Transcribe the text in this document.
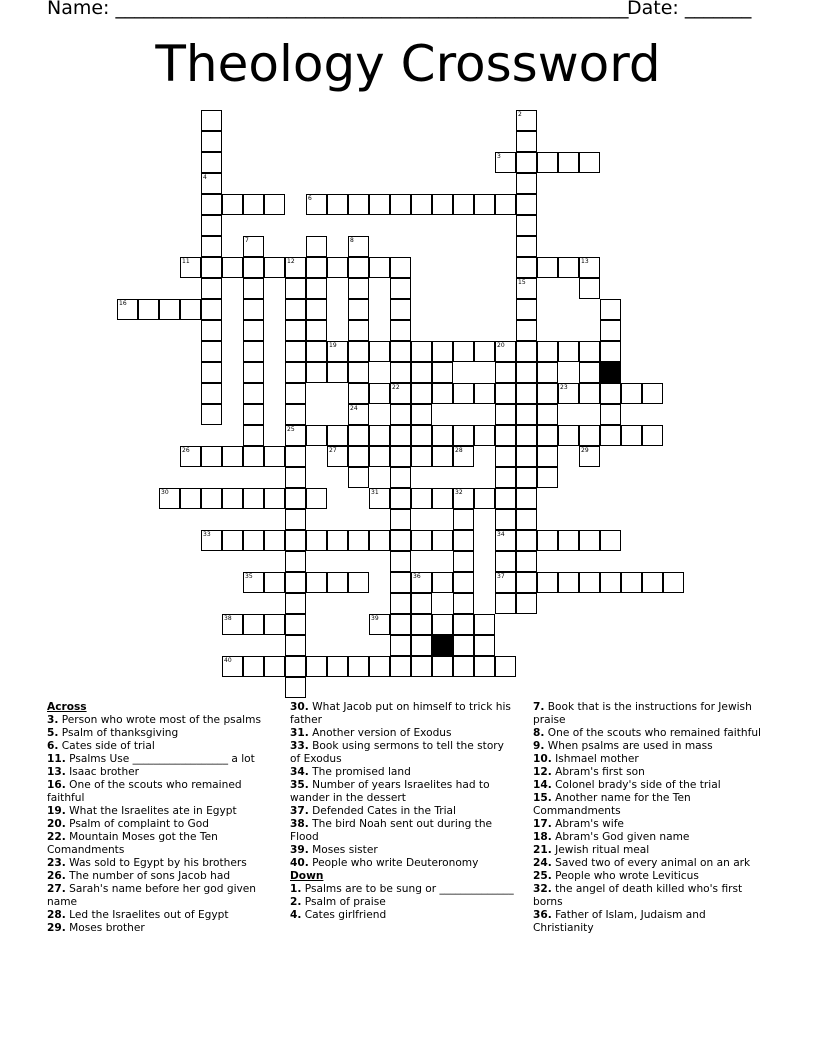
Name: ______________________________________________________
Date: _______
Theology Crossword
4
2
15
3
6
7	8
24
11	12
25
16
22
13
20
34
37
19
23
26	27	28	29
30	31	32
33
35	36
38	39
40
Across
3. Person who wrote most of the psalms
5. Psalm of thanksgiving
6. Cates side of trial
11. Psalms Use __________________ a lot
13. Isaac brother
16. One of the scouts who remained faithful
19. What the Israelites ate in Egypt
20. Psalm of complaint to God
22. Mountain Moses got the Ten Comandments
23. Was sold to Egypt by his brothers
26. The number of sons Jacob had
27. Sarah's name before her god given name
28. Led the Israelites out of Egypt
29. Moses brother
30. What Jacob put on himself to trick his father
31. Another version of Exodus
33. Book using sermons to tell the story of Exodus
34. The promised land
35. Number of years Israelites had to wander in the dessert
37. Defended Cates in the Trial
38. The bird Noah sent out during the Flood
39. Moses sister
40. People who write Deuteronomy
Down
1. Psalms are to be sung or ______________
2. Psalm of praise
4. Cates girlfriend
7. Book that is the instructions for Jewish praise
8. One of the scouts who remained faithful
9. When psalms are used in mass
10. Ishmael mother
12. Abram's first son
14. Colonel brady's side of the trial
15. Another name for the Ten Commandments
17. Abram's wife
18. Abram's God given name
21. Jewish ritual meal
24. Saved two of every animal on an ark
25. People who wrote Leviticus
32. the angel of death killed who's first borns
36. Father of Islam, Judaism and Christianity
